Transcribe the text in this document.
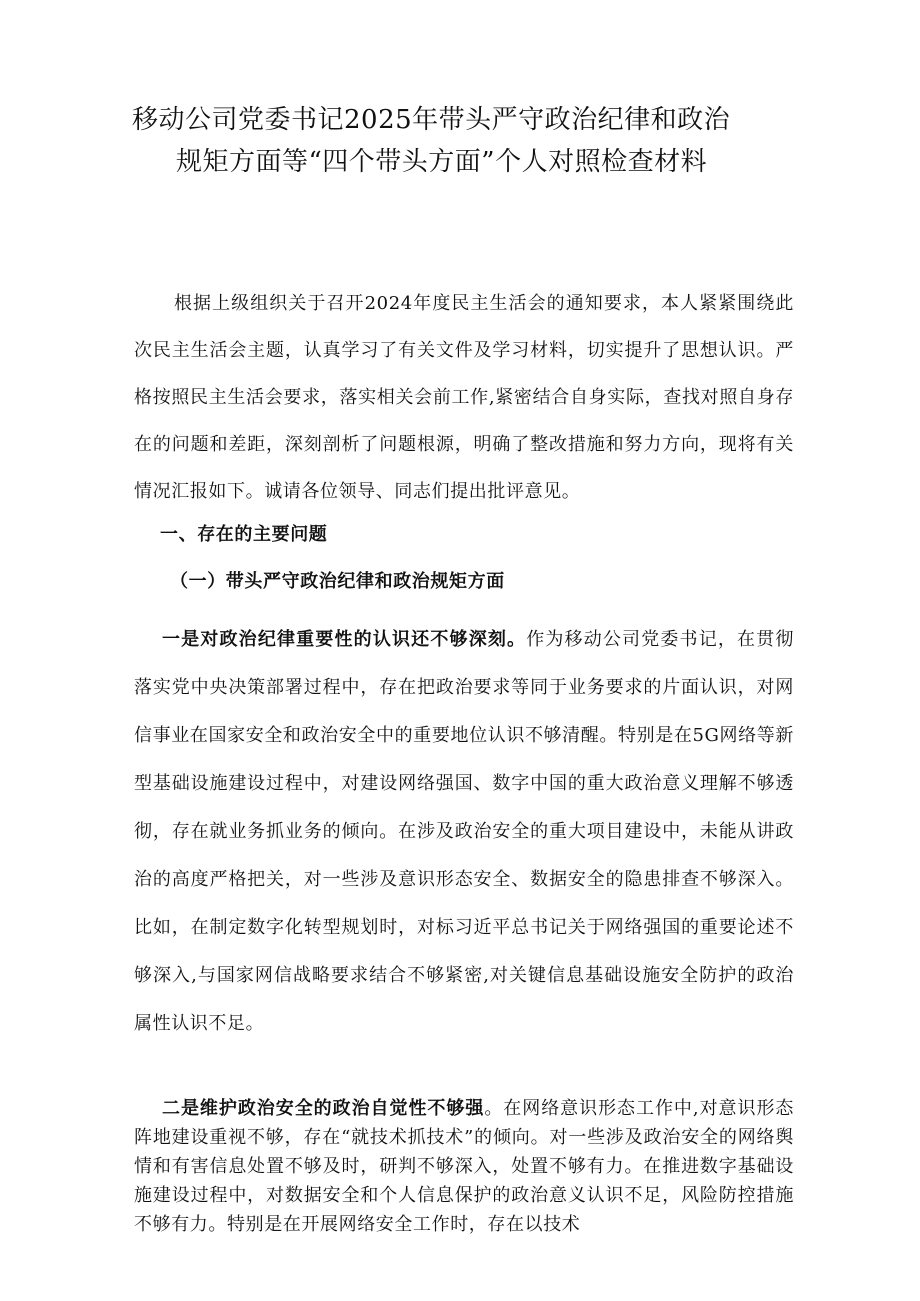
移动公司党委书记2025年带头严守政治纪律和政治
规矩方面等“四个带头方面”个人对照检查材料

根据上级组织关于召开2024年度民主生活会的通知要求，本人紧紧围绕此次民主生活会主题，认真学习了有关文件及学习材料，切实提升了思想认识。严格按照民主生活会要求，落实相关会前工作,紧密结合自身实际，查找对照自身存在的问题和差距，深刻剖析了问题根源，明确了整改措施和努力方向，现将有关情况汇报如下。诚请各位领导、同志们提出批评意见。

一、存在的主要问题
（一）带头严守政治纪律和政治规矩方面

一是对政治纪律重要性的认识还不够深刻。作为移动公司党委书记，在贯彻落实党中央决策部署过程中，存在把政治要求等同于业务要求的片面认识，对网信事业在国家安全和政治安全中的重要地位认识不够清醒。特别是在5G网络等新型基础设施建设过程中，对建设网络强国、数字中国的重大政治意义理解不够透彻，存在就业务抓业务的倾向。在涉及政治安全的重大项目建设中，未能从讲政治的高度严格把关，对一些涉及意识形态安全、数据安全的隐患排查不够深入。比如，在制定数字化转型规划时，对标习近平总书记关于网络强国的重要论述不够深入,与国家网信战略要求结合不够紧密,对关键信息基础设施安全防护的政治属性认识不足。

二是维护政治安全的政治自觉性不够强。在网络意识形态工作中,对意识形态阵地建设重视不够，存在“就技术抓技术”的倾向。对一些涉及政治安全的网络舆情和有害信息处置不够及时，研判不够深入，处置不够有力。在推进数字基础设施建设过程中，对数据安全和个人信息保护的政治意义认识不足，风险防控措施不够有力。特别是在开展网络安全工作时，存在以技术
